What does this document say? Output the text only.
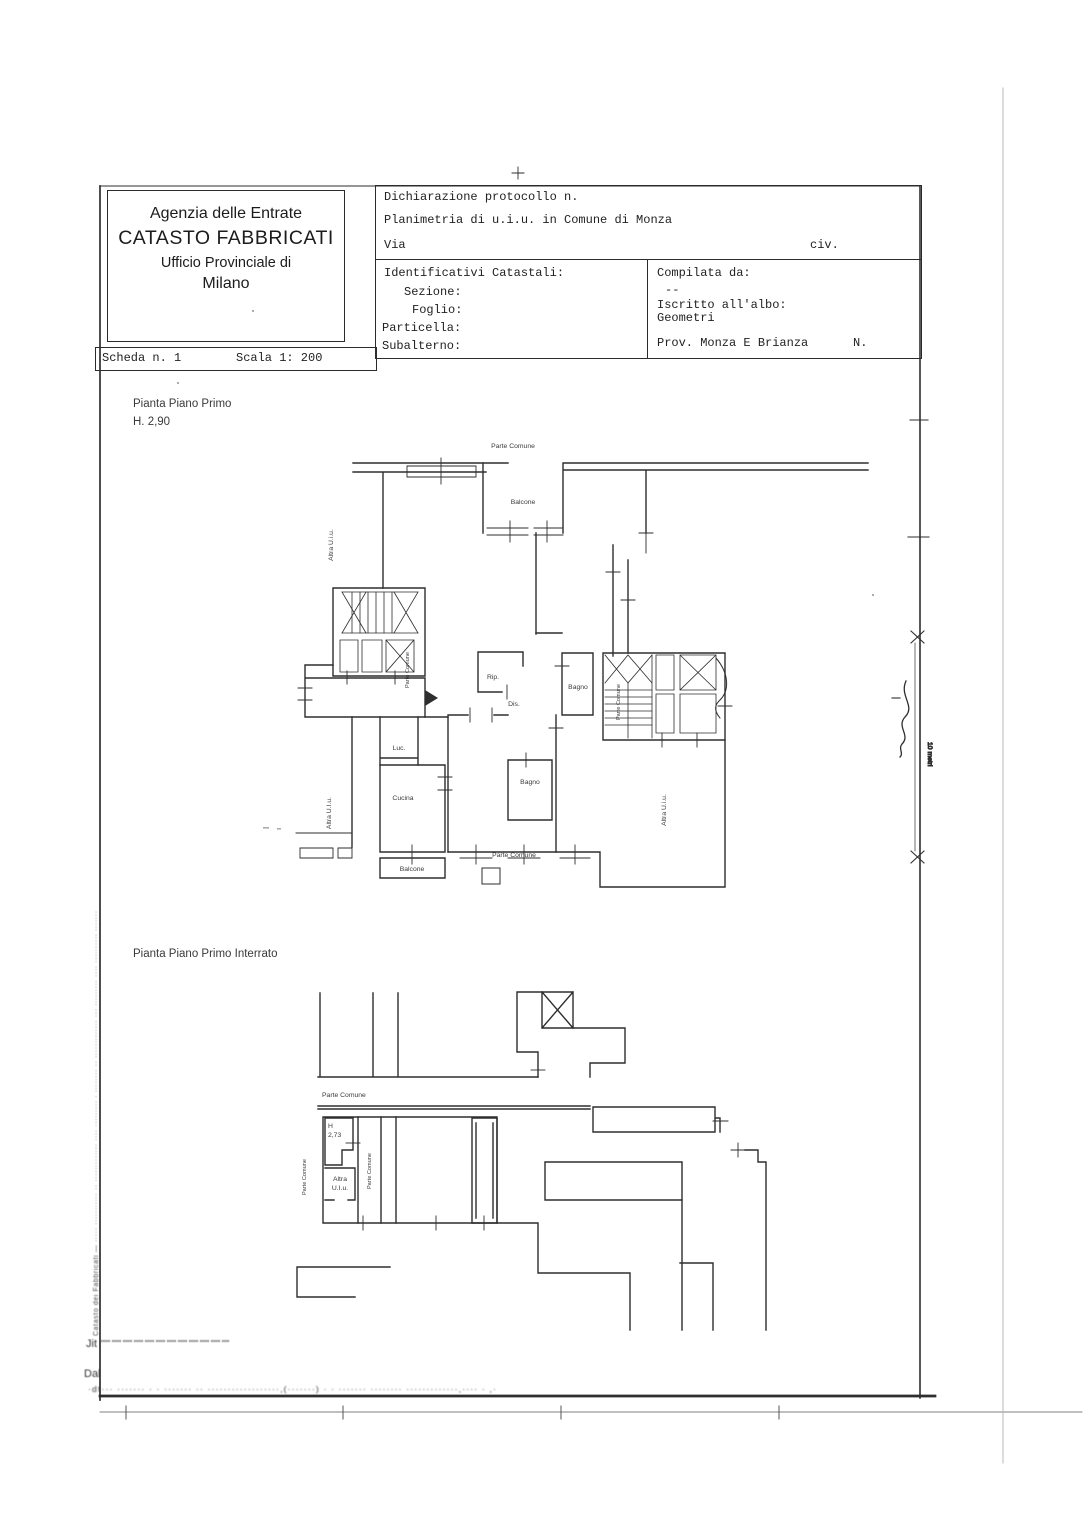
Agenzia delle Entrate
CATASTO FABBRICATI
Ufficio Provinciale di
Milano
Scheda n. 1	Scala 1: 200
Dichiarazione protocollo n.
Planimetria di u.i.u. in Comune di Monza
Via	civ.
Identificativi Catastali:
Sezione:
Foglio:
Particella:
Subalterno:
Compilata da:
--
Iscritto all'albo:
Geometri
Prov. Monza E Brianza	N.
Pianta Piano Primo
H. 2,90
Pianta Piano Primo Interrato
Catasto dei Fabbricati — ····· ··········· ·· ············· ···· ········· · ········ ·· ············· ··· ········· ···· ·········· ·······
Jit
Dal
·dt··· ······· · · ······· ·· ··················,(·······) · · ······· ········ ·············,···· · ,·
10 metri
Parte Comune
Balcone
Altra U.i.u.
Rip.
Dis.
Bagno
Parte Comune
Parte Comune
Luc.
Cucina
Bagno
Balcone
Parte Comune
Altra U.I.u.	Altra U.i.u.
Parte Comune
Parte Comune	Parte Comune
H
2,73
Altra
U.I.u.
